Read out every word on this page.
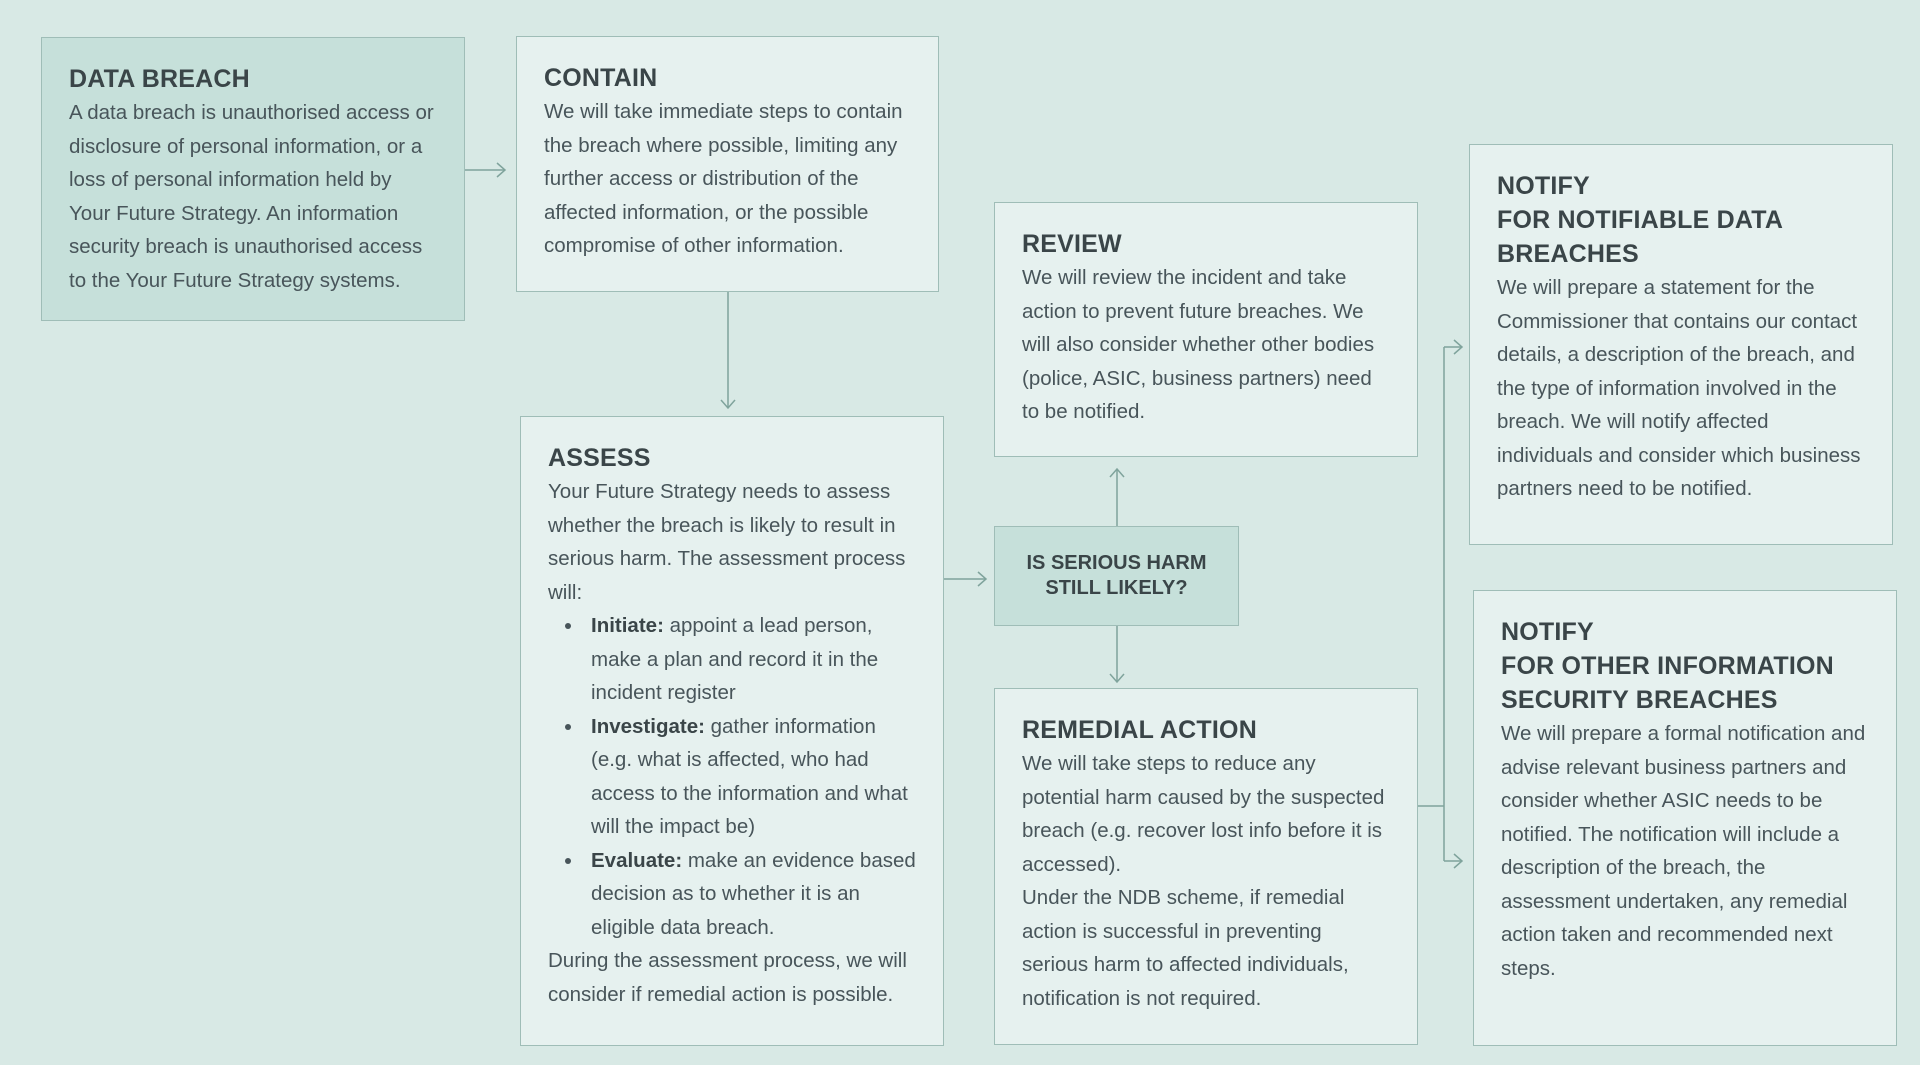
DATA BREACH
A data breach is unauthorised access or disclosure of personal information, or a loss of personal information held by Your Future Strategy. An information security breach is unauthorised access to the Your Future Strategy systems.
CONTAIN
We will take immediate steps to contain the breach where possible, limiting any further access or distribution of the affected information, or the possible compromise of other information.
ASSESS
Your Future Strategy needs to assess whether the breach is likely to result in serious harm. The assessment process will:
Initiate: appoint a lead person, make a plan and record it in the incident register
Investigate: gather information (e.g. what is affected, who had access to the information and what will the impact be)
Evaluate: make an evidence based decision as to whether it is an eligible data breach.
During the assessment process, we will consider if remedial action is possible.
REVIEW
We will review the incident and take action to prevent future breaches. We will also consider whether other bodies (police, ASIC, business partners) need to be notified.
IS SERIOUS HARM STILL LIKELY?
REMEDIAL ACTION
We will take steps to reduce any potential harm caused by the suspected breach (e.g. recover lost info before it is accessed).
Under the NDB scheme, if remedial action is successful in preventing serious harm to affected individuals, notification is not required.
NOTIFY
FOR NOTIFIABLE DATA BREACHES
We will prepare a statement for the Commissioner that contains our contact details, a description of the breach, and the type of information involved in the breach. We will notify affected individuals and consider which business partners need to be notified.
NOTIFY
FOR OTHER INFORMATION SECURITY BREACHES
We will prepare a formal notification and advise relevant business partners and consider whether ASIC needs to be notified. The notification will include a description of the breach, the assessment undertaken, any remedial action taken and recommended next steps.
